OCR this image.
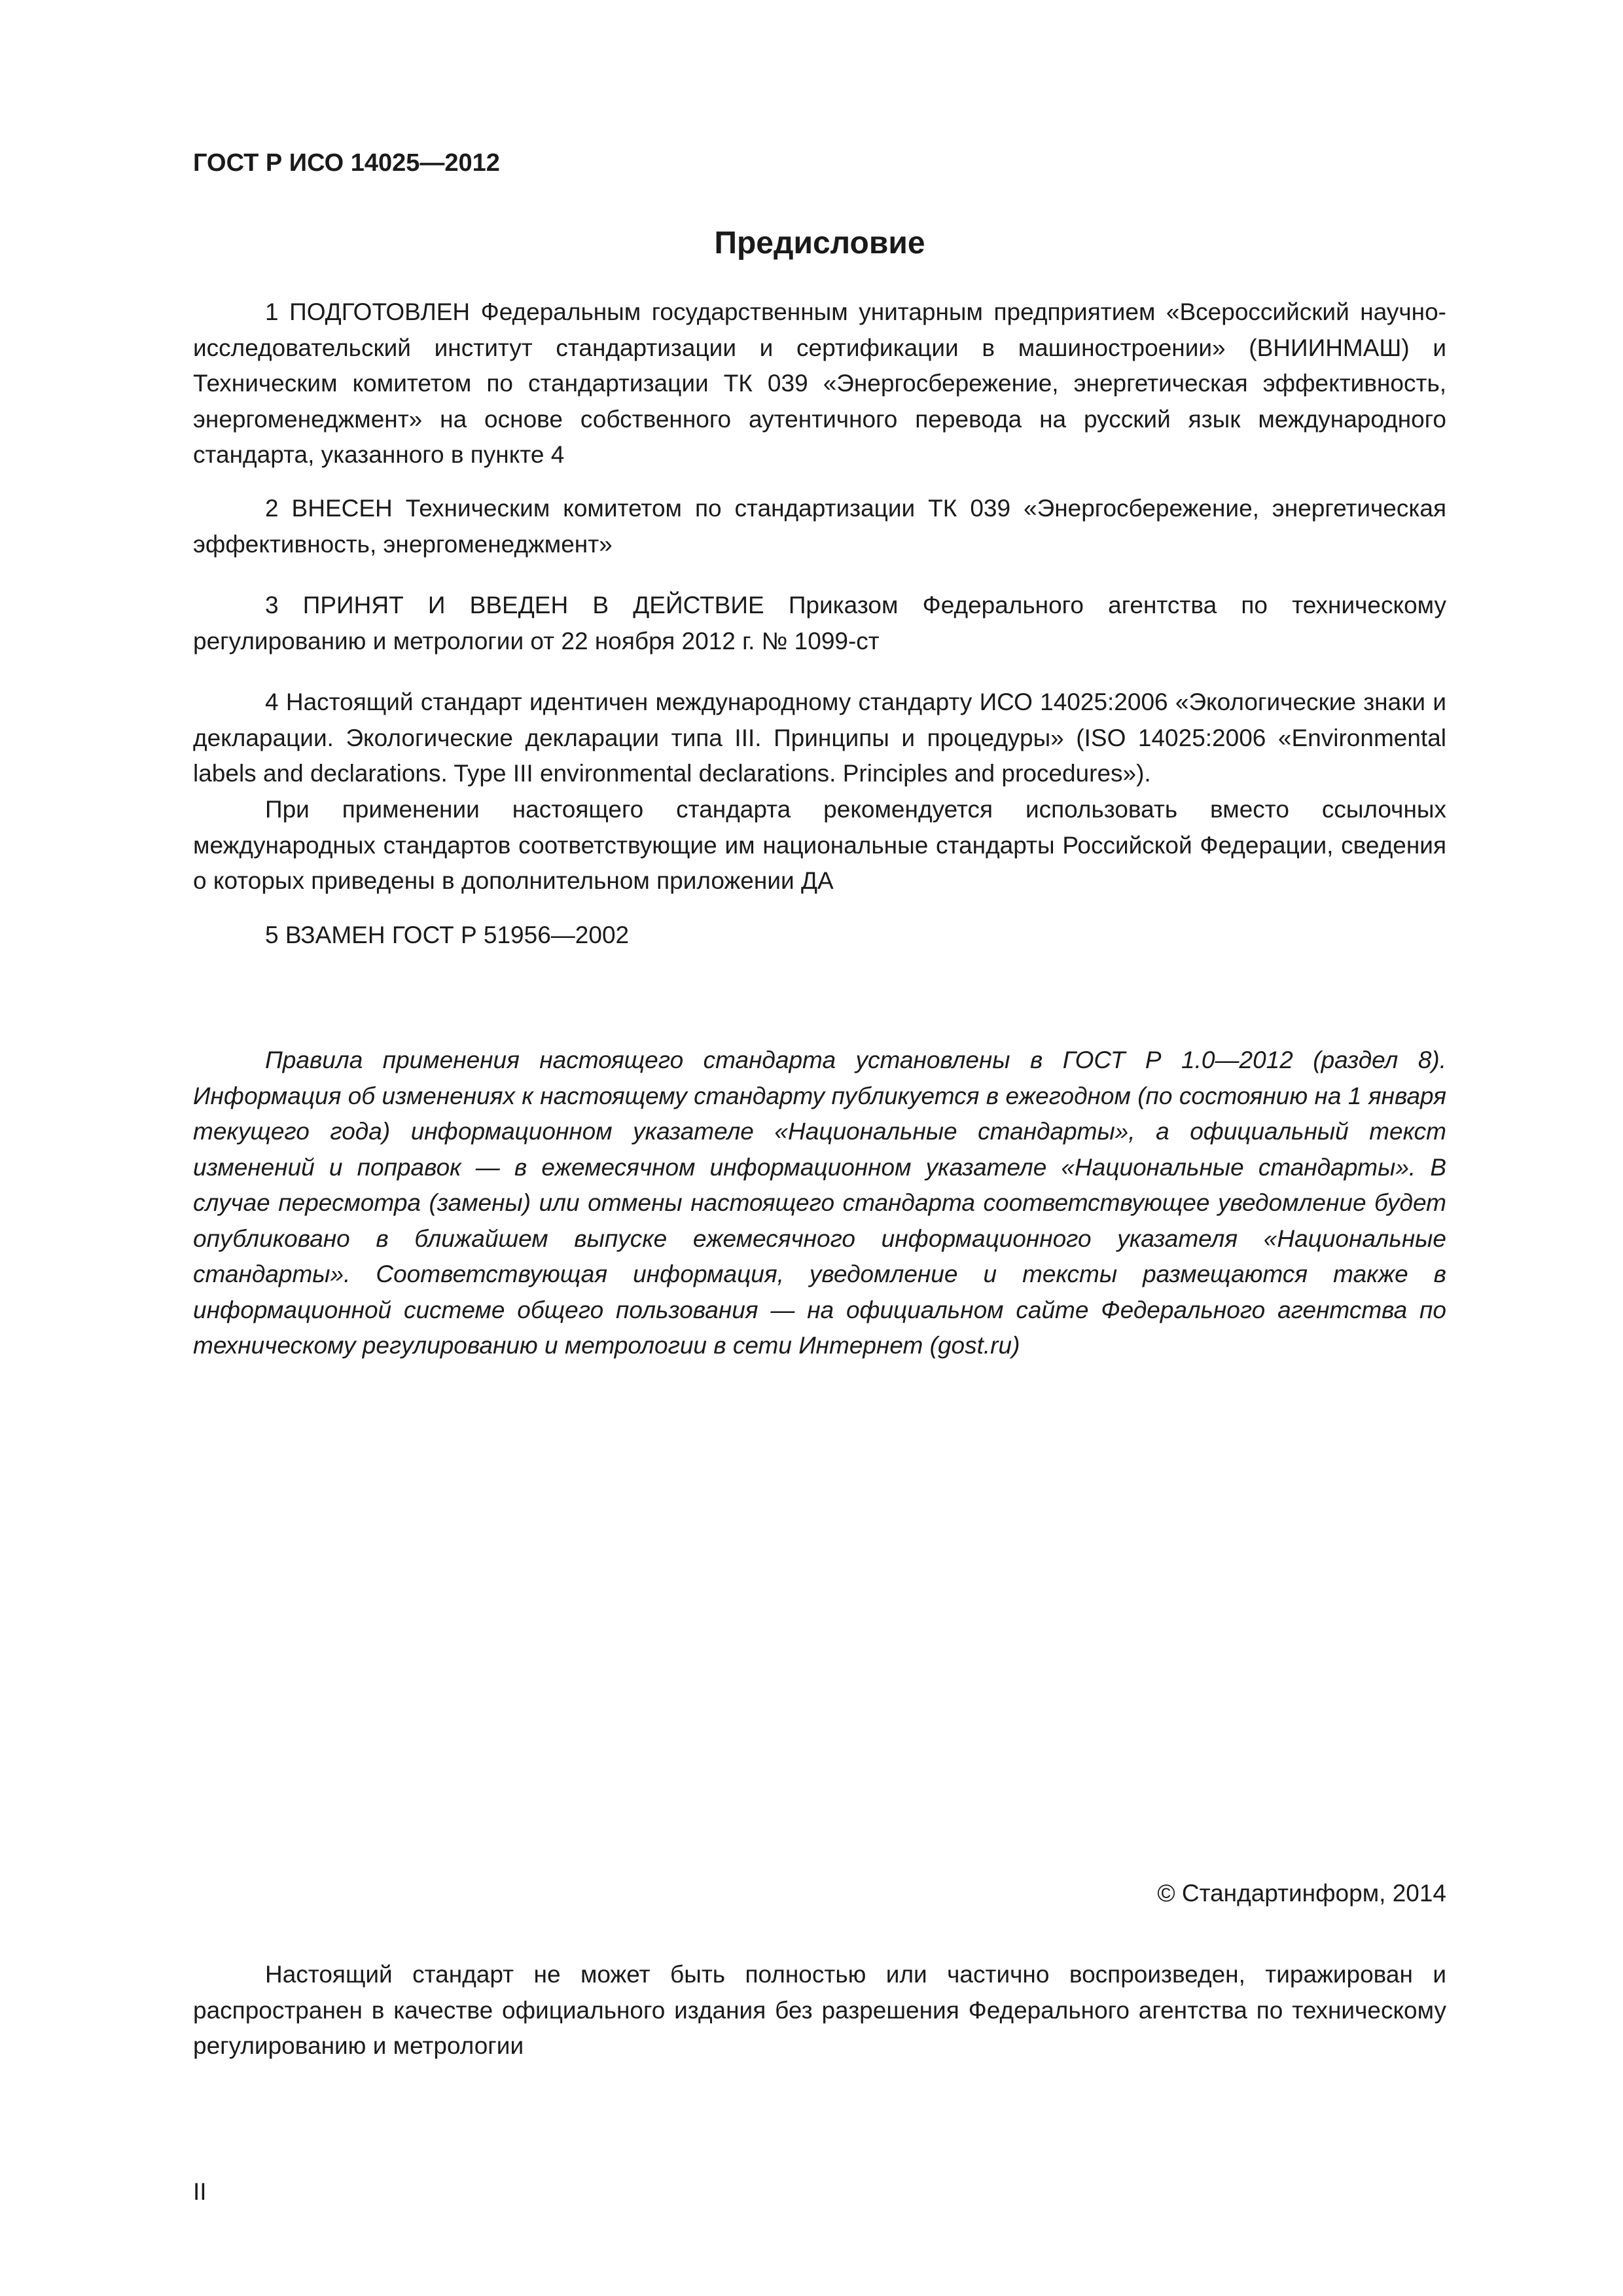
ГОСТ Р ИСО 14025—2012
Предисловие

1 ПОДГОТОВЛЕН Федеральным государственным унитарным предприятием «Всероссийский научно-исследовательский институт стандартизации и сертификации в машиностроении» (ВНИИНМАШ) и Техническим комитетом по стандартизации ТК 039 «Энергосбережение, энергетическая эффективность, энергоменеджмент» на основе собственного аутентичного перевода на русский язык международного стандарта, указанного в пункте 4

2 ВНЕСЕН Техническим комитетом по стандартизации ТК 039 «Энергосбережение, энергетическая эффективность, энергоменеджмент»

3 ПРИНЯТ И ВВЕДЕН В ДЕЙСТВИЕ Приказом Федерального агентства по техническому регулированию и метрологии от 22 ноября 2012 г. № 1099-ст

4 Настоящий стандарт идентичен международному стандарту ИСО 14025:2006 «Экологические знаки и декларации. Экологические декларации типа III. Принципы и процедуры» (ISO 14025:2006 «Environmental labels and declarations. Type III environmental declarations. Principles and procedures»).

При применении настоящего стандарта рекомендуется использовать вместо ссылочных международных стандартов соответствующие им национальные стандарты Российской Федерации, сведения о которых приведены в дополнительном приложении ДА

5 ВЗАМЕН ГОСТ Р 51956—2002

Правила применения настоящего стандарта установлены в ГОСТ Р 1.0—2012 (раздел 8). Информация об изменениях к настоящему стандарту публикуется в ежегодном (по состоянию на 1 января текущего года) информационном указателе «Национальные стандарты», а официальный текст изменений и поправок — в ежемесячном информационном указателе «Национальные стандарты». В случае пересмотра (замены) или отмены настоящего стандарта соответствующее уведомление будет опубликовано в ближайшем выпуске ежемесячного информационного указателя «Национальные стандарты». Соответствующая информация, уведомление и тексты размещаются также в информационной системе общего пользования — на официальном сайте Федерального агентства по техническому регулированию и метрологии в сети Интернет (gost.ru)

© Стандартинформ, 2014

Настоящий стандарт не может быть полностью или частично воспроизведен, тиражирован и распространен в качестве официального издания без разрешения Федерального агентства по техническому регулированию и метрологии

II
